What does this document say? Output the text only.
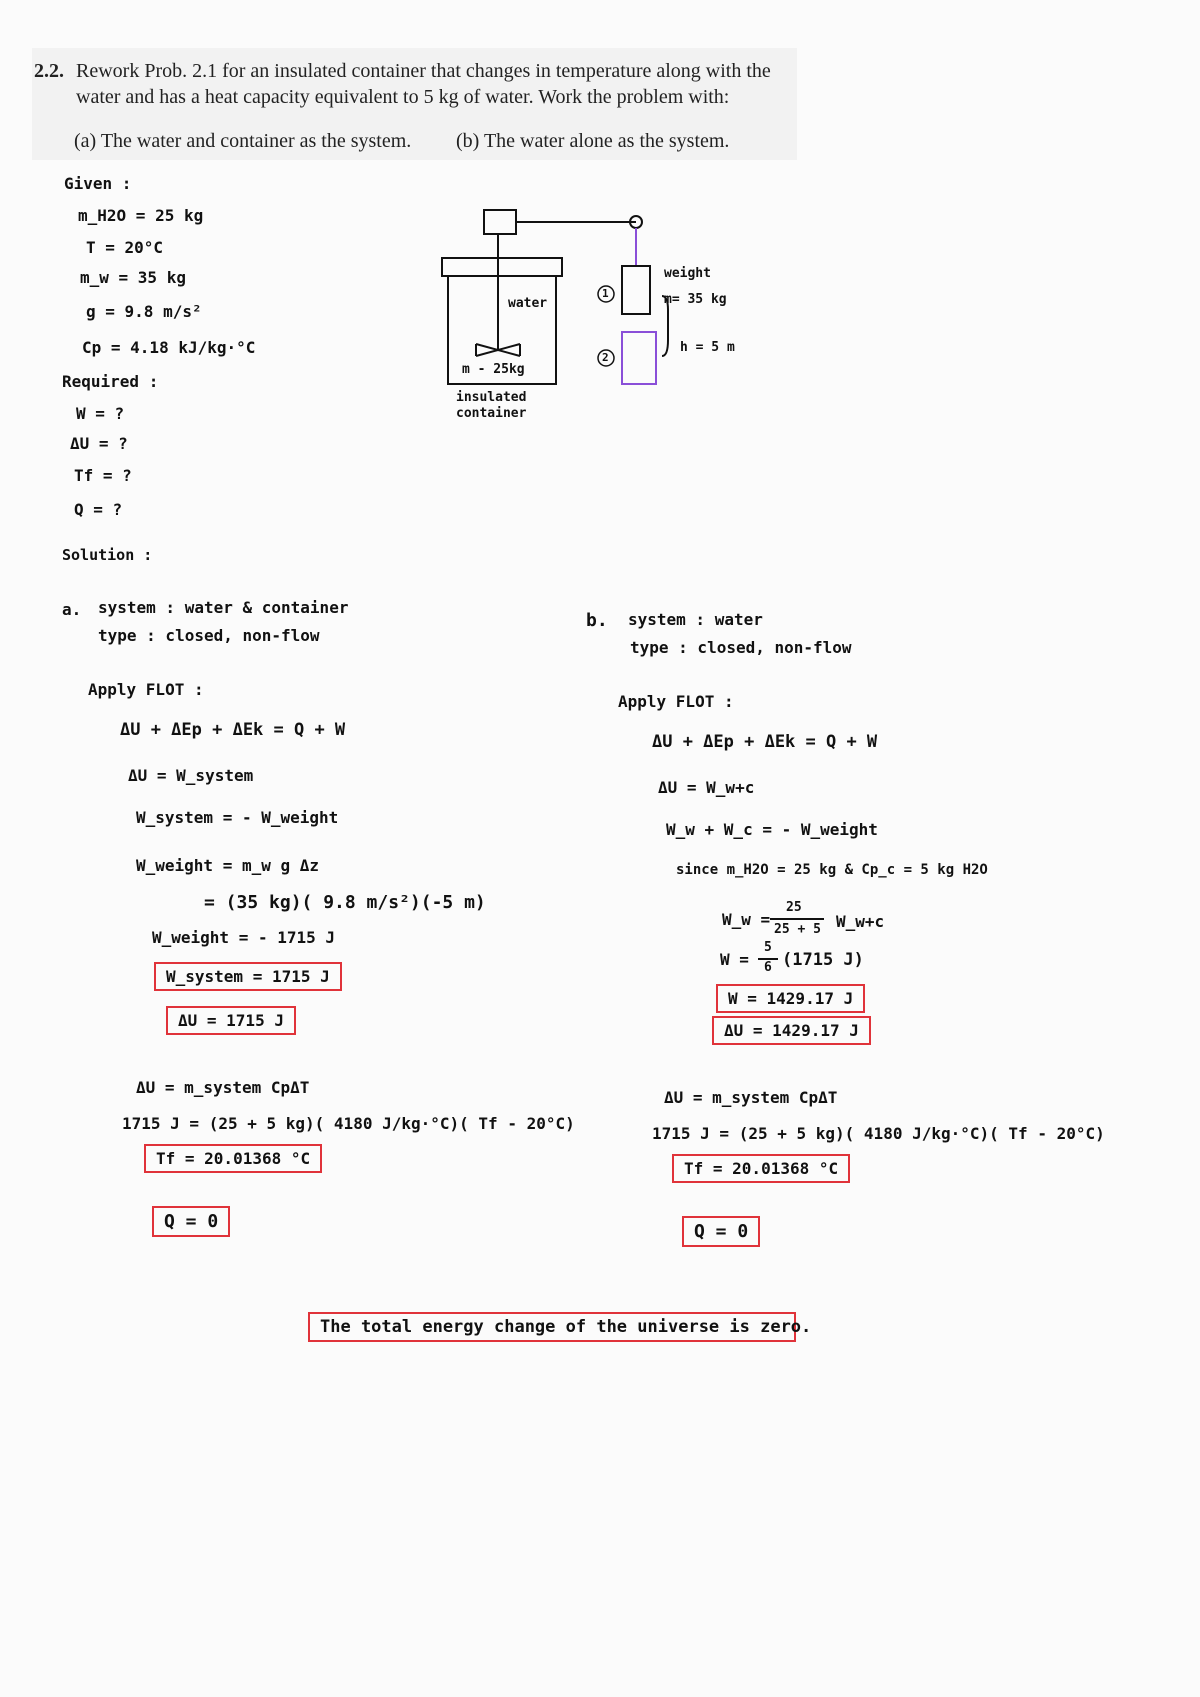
2.2. Rework Prob. 2.1 for an insulated container that changes in temperature along with the
water and has a heat capacity equivalent to 5 kg of water. Work the problem with:
(a) The water and container as the system. (b) The water alone as the system.
Given :
m_H2O = 25 kg
T = 20°C
m_w = 35 kg
g = 9.8 m/s²
Cp = 4.18 kJ/kg·°C
Required :
W = ?
ΔU = ?
Tf = ?
Q = ?
water
m - 25kg
insulated
container
weight
m= 35 kg
h = 5 m
1
2
Solution :
a. system : water & container
type : closed, non-flow
Apply FLOT :
ΔU + ΔEp + ΔEk = Q + W
ΔU = W_system
W_system = - W_weight
W_weight = m_w g Δz
= (35 kg)( 9.8 m/s²)(-5 m)
W_weight = - 1715 J
W_system = 1715 J
ΔU = 1715 J
ΔU = m_system CpΔT
1715 J = (25 + 5 kg)( 4180 J/kg·°C)( Tf - 20°C)
Tf = 20.01368 °C
Q = 0
b. system : water
type : closed, non-flow
Apply FLOT :
ΔU + ΔEp + ΔEk = Q + W
ΔU = W_w+c
W_w + W_c = - W_weight
since m_H2O = 25 kg & Cp_c = 5 kg H2O
W_w =
25
25 + 5 W_w+c
W =
5
6 (1715 J)
W = 1429.17 J
ΔU = 1429.17 J
ΔU = m_system CpΔT
1715 J = (25 + 5 kg)( 4180 J/kg·°C)( Tf - 20°C)
Tf = 20.01368 °C
Q = 0
The total energy change of the universe is zero.
